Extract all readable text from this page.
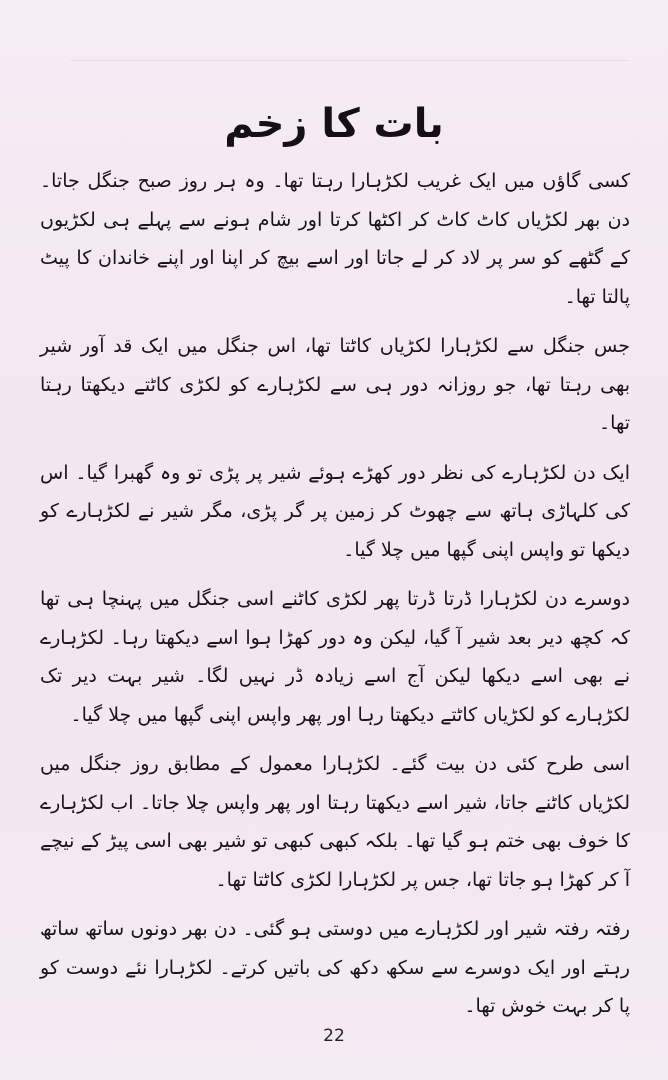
بات کا زخم

کسی گاؤں میں ایک غریب لکڑہارا رہتا تھا۔ وہ ہر روز صبح جنگل جاتا۔ دن بھر لکڑیاں کاٹ کاٹ کر اکٹھا کرتا اور شام ہونے سے پہلے ہی لکڑیوں کے گٹھے کو سر پر لاد کر لے جاتا اور اسے بیچ کر اپنا اور اپنے خاندان کا پیٹ پالتا تھا۔

جس جنگل سے لکڑہارا لکڑیاں کاٹتا تھا، اس جنگل میں ایک قد آور شیر بھی رہتا تھا، جو روزانہ دور ہی سے لکڑہارے کو لکڑی کاٹتے دیکھتا رہتا تھا۔

ایک دن لکڑہارے کی نظر دور کھڑے ہوئے شیر پر پڑی تو وہ گھبرا گیا۔ اس کی کلہاڑی ہاتھ سے چھوٹ کر زمین پر گر پڑی، مگر شیر نے لکڑہارے کو دیکھا تو واپس اپنی گپھا میں چلا گیا۔

دوسرے دن لکڑہارا ڈرتا ڈرتا پھر لکڑی کاٹنے اسی جنگل میں پہنچا ہی تھا کہ کچھ دیر بعد شیر آ گیا، لیکن وہ دور کھڑا ہوا اسے دیکھتا رہا۔ لکڑہارے نے بھی اسے دیکھا لیکن آج اسے زیادہ ڈر نہیں لگا۔ شیر بہت دیر تک لکڑہارے کو لکڑیاں کاٹتے دیکھتا رہا اور پھر واپس اپنی گپھا میں چلا گیا۔

اسی طرح کئی دن بیت گئے۔ لکڑہارا معمول کے مطابق روز جنگل میں لکڑیاں کاٹنے جاتا، شیر اسے دیکھتا رہتا اور پھر واپس چلا جاتا۔ اب لکڑہارے کا خوف بھی ختم ہو گیا تھا۔ بلکہ کبھی کبھی تو شیر بھی اسی پیڑ کے نیچے آ کر کھڑا ہو جاتا تھا، جس پر لکڑہارا لکڑی کاٹتا تھا۔

رفتہ رفتہ شیر اور لکڑہارے میں دوستی ہو گئی۔ دن بھر دونوں ساتھ ساتھ رہتے اور ایک دوسرے سے سکھ دکھ کی باتیں کرتے۔ لکڑہارا نئے دوست کو پا کر بہت خوش تھا۔

22
